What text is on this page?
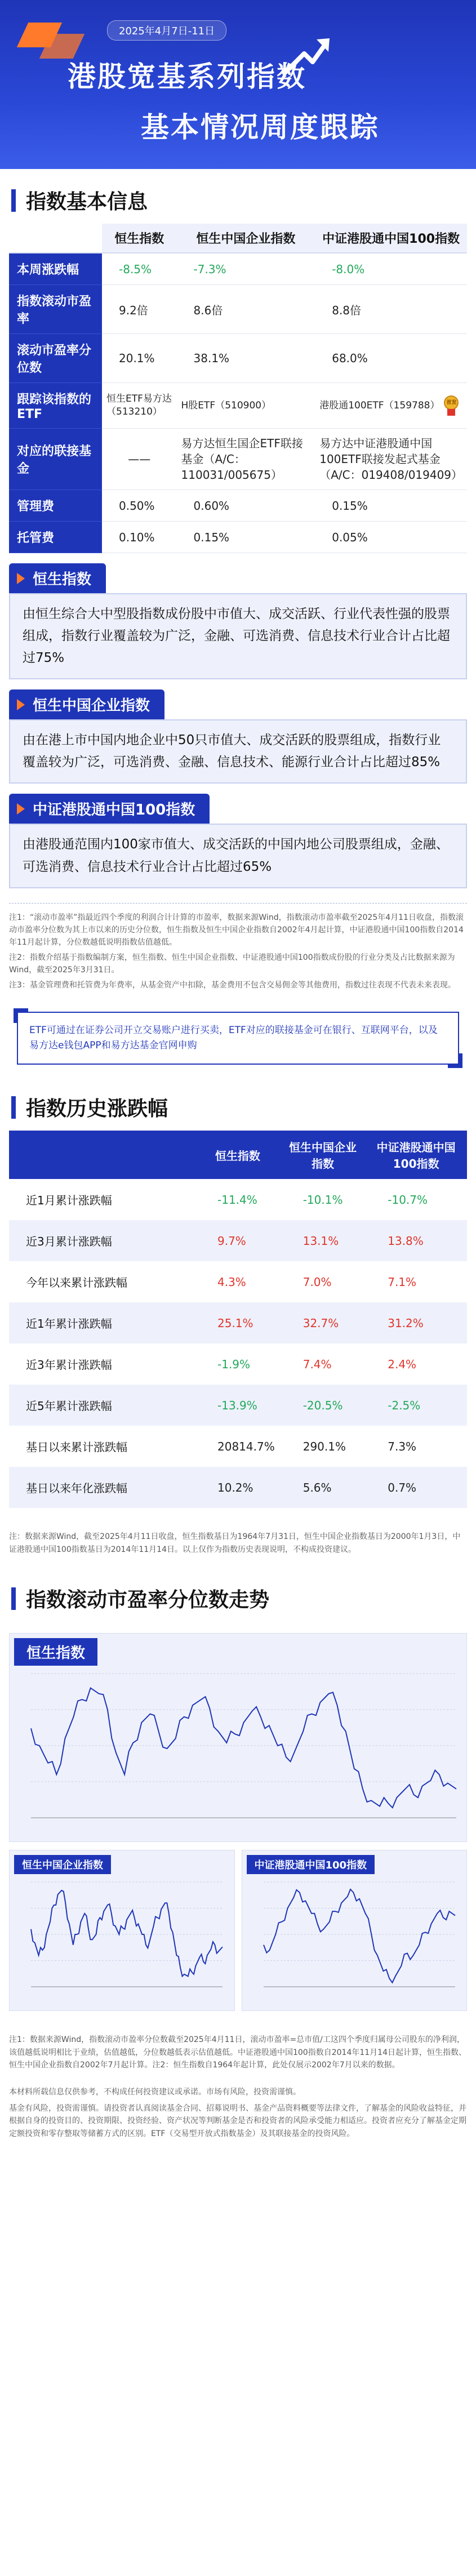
2025年4月7日-11日
港股宽基系列指数
基本情况周度跟踪
指数基本信息
	恒生指数	恒生中国企业指数	中证港股通中国100指数
本周涨跌幅	-8.5%	-7.3%	-8.0%
指数滚动市盈率	9.2倍	8.6倍	8.8倍
滚动市盈率分位数	20.1%	38.1%	68.0%
跟踪该指数的ETF	恒生ETF易方达（513210）	H股ETF（510900）	港股通100ETF（159788） 首发

对应的联接基金	——	易方达恒生国企ETF联接基金（A/C：110031/005675）	易方达中证港股通中国100ETF联接发起式基金（A/C：019408/019409）
管理费	0.50%	0.60%	0.15%
托管费	0.10%	0.15%	0.05%
恒生指数
由恒生综合大中型股指数成份股中市值大、成交活跃、行业代表性强的股票组成，指数行业覆盖较为广泛，金融、可选消费、信息技术行业合计占比超过75%
恒生中国企业指数
由在港上市中国内地企业中50只市值大、成交活跃的股票组成，指数行业覆盖较为广泛，可选消费、金融、信息技术、能源行业合计占比超过85%
中证港股通中国100指数
由港股通范围内100家市值大、成交活跃的中国内地公司股票组成，金融、可选消费、信息技术行业合计占比超过65%

注1：“滚动市盈率”指最近四个季度的利润合计计算的市盈率，数据来源Wind，指数滚动市盈率截至2025年4月11日收盘，指数滚动市盈率分位数为其上市以来的历史分位数，恒生指数及恒生中国企业指数自2002年4月起计算，中证港股通中国100指数自2014年11月起计算，分位数越低说明指数估值越低。

注2：指数介绍基于指数编制方案，恒生指数、恒生中国企业指数、中证港股通中国100指数成份股的行业分类及占比数据来源为Wind，截至2025年3月31日。

注3：基金管理费和托管费为年费率，从基金资产中扣除，基金费用不包含交易佣金等其他费用，指数过往表现不代表未来表现。

ETF可通过在证券公司开立交易账户进行买卖，ETF对应的联接基金可在银行、互联网平台，以及易方达e钱包APP和易方达基金官网申购
指数历史涨跌幅
	恒生指数	恒生中国企业指数	中证港股通中国100指数
近1月累计涨跌幅	-11.4%	-10.1%	-10.7%
近3月累计涨跌幅	9.7%	13.1%	13.8%
今年以来累计涨跌幅	4.3%	7.0%	7.1%
近1年累计涨跌幅	25.1%	32.7%	31.2%
近3年累计涨跌幅	-1.9%	7.4%	2.4%
近5年累计涨跌幅	-13.9%	-20.5%	-2.5%
基日以来累计涨跌幅	20814.7%	290.1%	7.3%
基日以来年化涨跌幅	10.2%	5.6%	0.7%
注：数据来源Wind，截至2025年4月11日收盘，恒生指数基日为1964年7月31日，恒生中国企业指数基日为2000年1月3日，中证港股通中国100指数基日为2014年11月14日。以上仅作为指数历史表现说明，不构成投资建议。
指数滚动市盈率分位数走势
恒生指数
恒生中国企业指数	中证港股通中国100指数
注1：数据来源Wind，指数滚动市盈率分位数截至2025年4月11日，滚动市盈率=总市值/工这四个季度归属母公司股东的净利润，该值越低说明相比于业绩，估值越低，分位数越低表示估值越低。中证港股通中国100指数自2014年11月14日起计算，恒生指数、恒生中国企业指数自2002年7月起计算。注2：恒生指数自1964年起计算，此处仅展示2002年7月以来的数据。

本材料所载信息仅供参考，不构成任何投资建议或承诺。市场有风险，投资需谨慎。

基金有风险，投资需谨慎。请投资者认真阅读基金合同、招募说明书、基金产品资料概要等法律文件，了解基金的风险收益特征，并根据自身的投资目的、投资期限、投资经验、资产状况等判断基金是否和投资者的风险承受能力相适应。投资者应充分了解基金定期定额投资和零存整取等储蓄方式的区别。ETF（交易型开放式指数基金）及其联接基金的投资风险。
